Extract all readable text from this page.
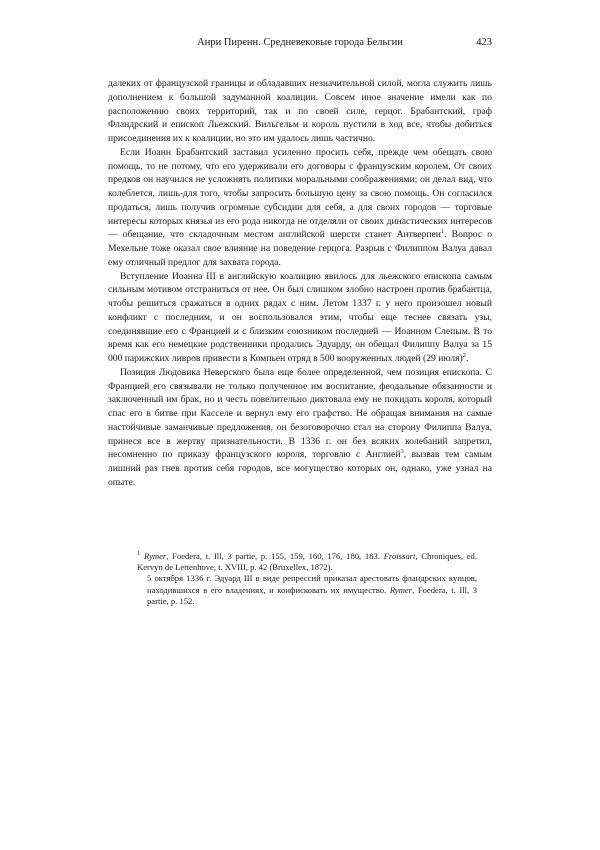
Анри Пиренн. Средневековые города Бельгии	423

далеких от французской границы и обладавших незначительной силой, могла служить лишь дополнением к большой задуманной коалиции. Совсем иное значение имели как по расположению своих территорий, так и по своей силе, герцог. Брабантский, граф Фландрский и епископ Льежский. Вильгельм и король пустили в ход все, чтобы добиться присоединения их к коалиции, но это им удалось лишь частично.

Если Иоанн Брабантский заставил усиленно просить себя, прежде чем обещать свою помощь, то не потому, что его удерживали его договоры с французским королем. От своих предков он научился не усложнять политики моральными соображениями; он делал вид, что колеблется, лишь-для того, чтобы запросить большую цену за свою помощь. Он согласился продаться, лишь получив огромные субсидии для себя, а для своих городов — торговые интересы которых князья из его рода никогда не отделяли от своих династических интересов — обещание, что складочным местом английской шерсти станет Антверпен$^1$. Вопрос о Мехельне тоже оказал свое влияние на поведение герцога. Разрыв с Филиппом Валуа давал ему отличный предлог для захвата города.

Вступление Иоанна III в английскую коалицию явилось для льежского епископа самым сильным мотивом отстраниться от нее. Он был слишком злобно настроен против брабантца, чтобы решиться сражаться в одних рядах с ним. Летом 1337 г. у него произошел новый конфликт с последним, и он воспользовался этим, чтобы еще теснее связать узы, соединявшие его с Францией и с близким союзником последней — Иоанном Слепым. В то время как его немецкие родственники продались Эдуарду, он обещал Филиппу Валуа за 15 000 парижских ливров привести в Компьен отряд в 500 вооруженных людей (29 июля)$^2$.

Позиция Людовика Неверского была еще более определенной, чем позиция епископа. С Францией его связывали не только полученное им воспитание, феодальные обязанности и заключенный им брак, но и честь повелительно диктовала ему не покидать короля, который спас его в битве при Касселе и вернул ему его графство. Не обращая внимания на самые настойчивые заманчивые предложения, он безоговорочно стал на сторону Филиппа Валуа, принеся все в жертву признательности. В 1336 г. он без всяких колебаний запретил, несомненно по приказу французского короля, торговлю с Англией$^3$, вызвав тем самым лишний раз гнев против себя городов, все могущество которых он, однако, уже узнал на опыте.

$^1$ Rymer, Foedera, t. Ill, 3 partie, p. 155, 159, 160, 176, 180, 183. Froissart, Chroniques, ed. Kervyn de Lettenhove, t. XVIII, p. 42 (Bruxellex, 1872).

5 октября 1336 г. Эдуард III в виде репрессий приказал арестовать фландрских купцов, находившихся в его владениях, и конфисковать их имущество. Rymer, Foedera, t. Ill, 3 partie, p. 152.
